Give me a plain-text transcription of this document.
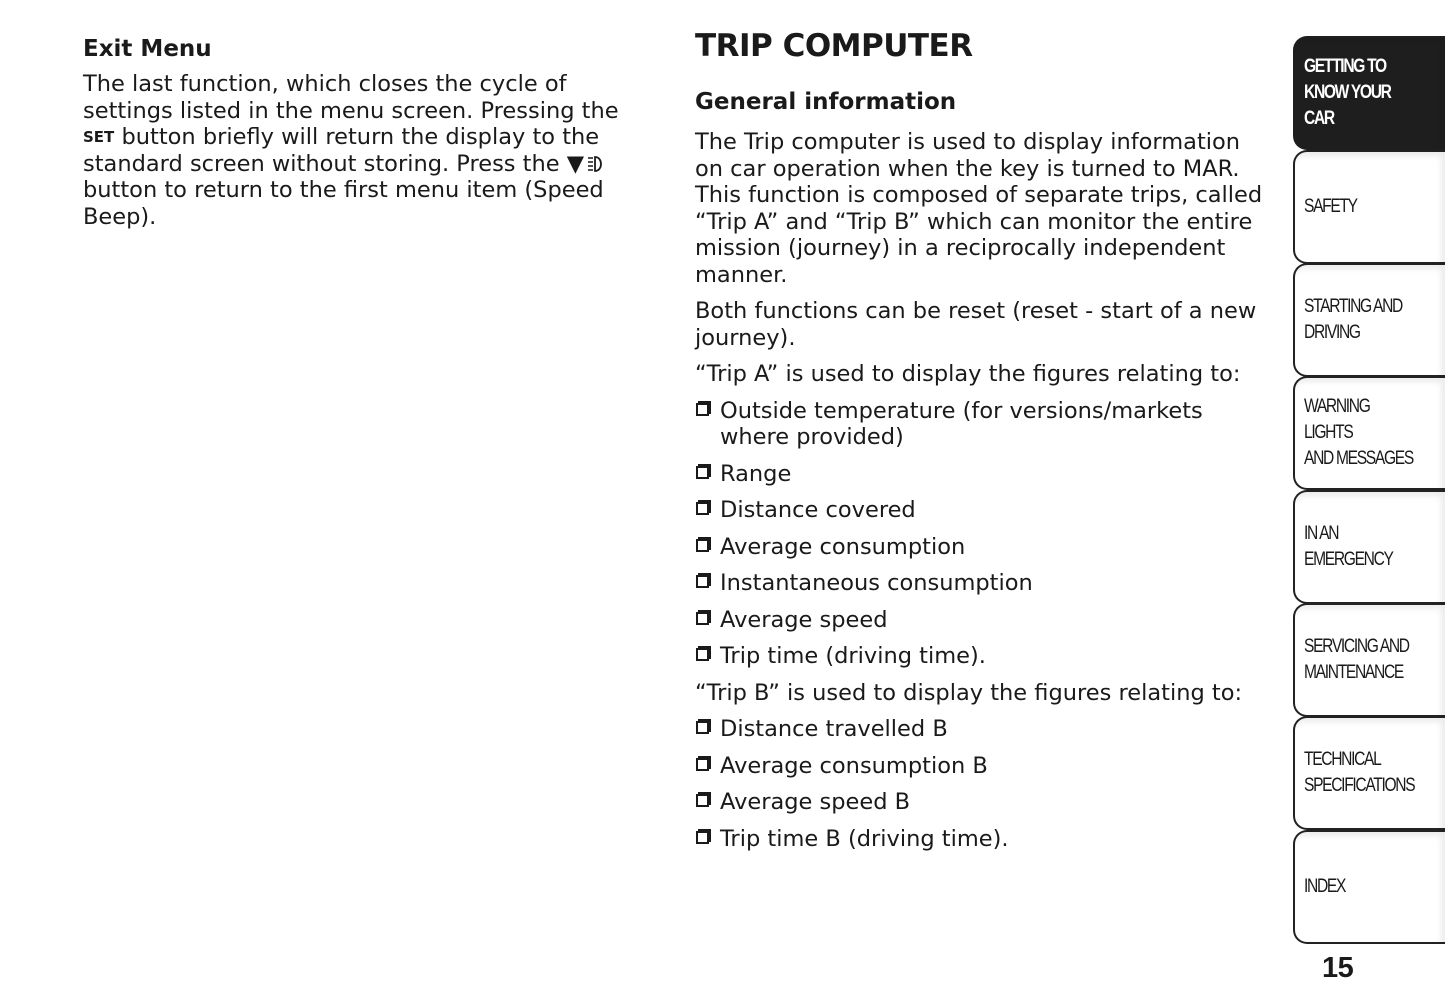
Exit Menu

The last function, which closes the cycle of settings listed in the menu screen. Pressing the SET button briefly will return the display to the standard screen without storing. Press the ▼ button to return to the first menu item (Speed Beep).

TRIP COMPUTER
General information

The Trip computer is used to display information on car operation when the key is turned to MAR.

This function is composed of separate trips, called “Trip A” and “Trip B” which can monitor the entire mission (journey) in a reciprocally independent manner.

Both functions can be reset (reset - start of a new journey).

“Trip A” is used to display the figures relating to:

Outside temperature (for versions/markets where provided)
Range
Distance covered
Average consumption
Instantaneous consumption
Average speed
Trip time (driving time).

“Trip B” is used to display the figures relating to:

Distance travelled B
Average consumption B
Average speed B
Trip time B (driving time).
GETTING TO
KNOW YOUR CAR
SAFETY
STARTING AND
DRIVING
WARNING LIGHTS
AND MESSAGES
IN AN EMERGENCY
SERVICING AND
MAINTENANCE
TECHNICAL
SPECIFICATIONS
INDEX
15
